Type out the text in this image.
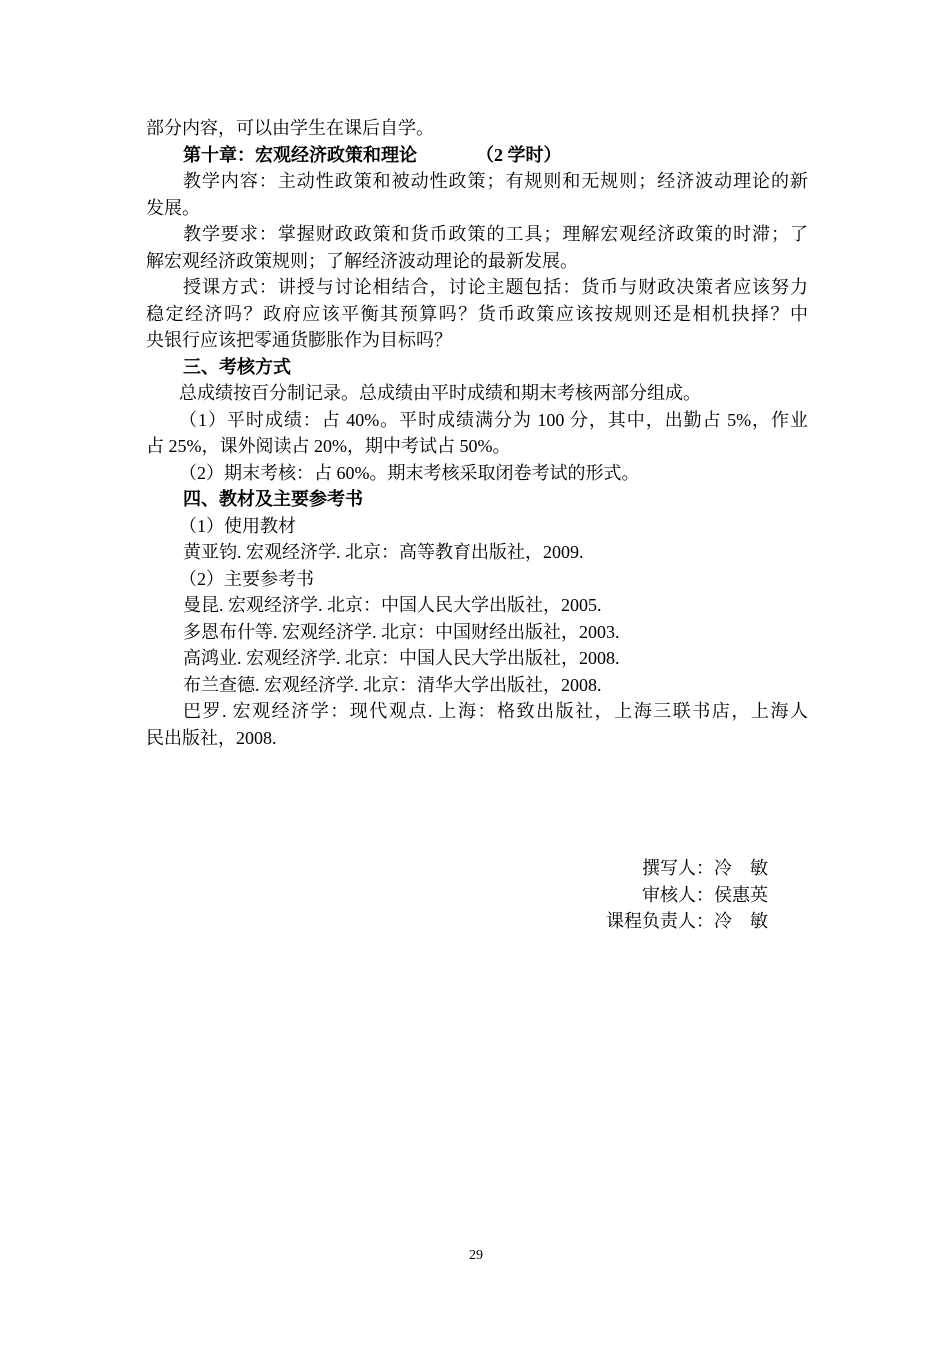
部分内容，可以由学生在课后自学。
第十章：宏观经济政策和理论	（2 学时）
教学内容：主动性政策和被动性政策；有规则和无规则；经济波动理论的新
发展。
教学要求：掌握财政政策和货币政策的工具；理解宏观经济政策的时滞；了
解宏观经济政策规则；了解经济波动理论的最新发展。
授课方式：讲授与讨论相结合，讨论主题包括：货币与财政决策者应该努力
稳定经济吗？政府应该平衡其预算吗？货币政策应该按规则还是相机抉择？中
央银行应该把零通货膨胀作为目标吗？
三、考核方式
总成绩按百分制记录。总成绩由平时成绩和期末考核两部分组成。
（1）平时成绩：占 40%。平时成绩满分为 100 分，其中，出勤占 5%，作业
占 25%，课外阅读占 20%，期中考试占 50%。
（2）期末考核：占 60%。期末考核采取闭卷考试的形式。
四、教材及主要参考书
（1）使用教材
黄亚钧. 宏观经济学. 北京：高等教育出版社，2009.
（2）主要参考书
曼昆. 宏观经济学. 北京：中国人民大学出版社，2005.
多恩布什等. 宏观经济学. 北京：中国财经出版社，2003.
高鸿业. 宏观经济学. 北京：中国人民大学出版社，2008.
布兰查德. 宏观经济学. 北京：清华大学出版社，2008.
巴罗. 宏观经济学：现代观点. 上海：格致出版社，上海三联书店，上海人
民出版社，2008.
撰写人：冷　敏
审核人：侯惠英
课程负责人：冷　敏
29
